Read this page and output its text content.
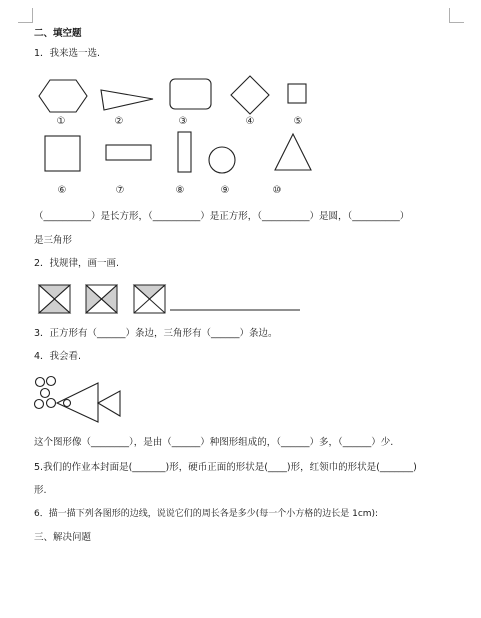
二、填空题
1．我来选一选.
①	②	③	④	⑤
⑥	⑦	⑧	⑨	⑩
（__________）是长方形，（__________）是正方形，（__________）是圆，（__________）
是三角形
2．找规律，画一画.
3．正方形有（______）条边，三角形有（______）条边。
4．我会看.
这个图形像（________），是由（______）种图形组成的，（______）多，（______）少.
5.我们的作业本封面是(_______)形，硬币正面的形状是(____)形，红领巾的形状是(_______)
形.
6．描一描下列各图形的边线，说说它们的周长各是多少(每一个小方格的边长是 1cm):
三、解决问题
